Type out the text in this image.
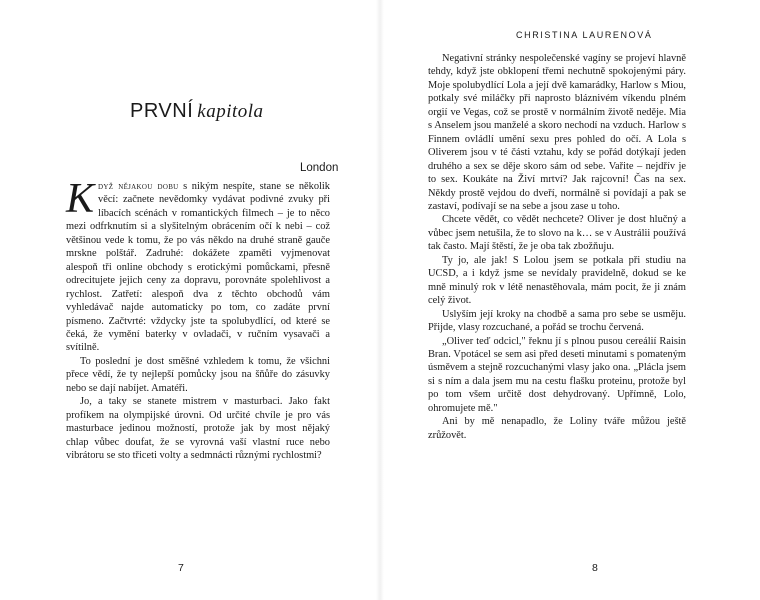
PRVNÍ kapitola
London

Když nějakou dobu s nikým nespíte, stane se několik věcí: začnete nevědomky vydávat podivné zvuky při líbacích scénách v romantických filmech – je to něco mezi odfrknutím si a slyšitelným obrácením očí k nebi – což většinou vede k tomu, že po vás někdo na druhé straně gauče mrskne polštář. Zadruhé: dokážete zpaměti vyjmenovat alespoň tři online obchody s erotickými pomůckami, přesně odrecitujete jejich ceny za dopravu, porovnáte spolehlivost a rychlost. Zatřetí: alespoň dva z těchto obchodů vám vyhledávač najde automaticky po tom, co zadáte první písmeno. Začtvrté: vždycky jste ta spolubydlící, od které se čeká, že vymění baterky v ovladači, v ručním vysavači a svítilně.

To poslední je dost směšné vzhledem k tomu, že všichni přece vědí, že ty nejlepší pomůcky jsou na šňůře do zásuvky nebo se dají nabíjet. Amatéři.

Jo, a taky se stanete mistrem v masturbaci. Jako fakt profíkem na olympijské úrovni. Od určité chvíle je pro vás masturbace jedinou možností, protože jak by most nějaký chlap vůbec doufat, že se vyrovná vaší vlastní ruce nebo vibrátoru se sto třiceti volty a sedmnácti různými rychlostmi?

7
CHRISTINA LAURENOVÁ

Negativní stránky nespolečenské vagíny se projeví hlavně tehdy, když jste obklopení třemi nechutně spokojenými páry. Moje spolubydlící Lola a její dvě kamarádky, Harlow s Miou, potkaly své miláčky při naprosto bláznivém víkendu plném orgií ve Vegas, což se prostě v normálním životě neděje. Mia s Anselem jsou manželé a skoro nechodí na vzduch. Harlow s Finnem ovládlí umění sexu pres pohled do očí. A Lola s Oliverem jsou v té části vztahu, kdy se pořád dotýkají jeden druhého a sex se děje skoro sám od sebe. Vařite – nejdřív je to sex. Koukáte na Živí mrtví? Jak rajcovní! Čas na sex. Někdy prostě vejdou do dveří, normálně si povídají a pak se zastaví, podívají se na sebe a jsou zase u toho.

Chcete vědět, co vědět nechcete? Oliver je dost hlučný a vůbec jsem netušila, že to slovo na k… se v Austrálii používá tak často. Mají štěstí, že je oba tak zbožňuju.

Ty jo, ale jak! S Lolou jsem se potkala při studiu na UCSD, a i když jsme se nevídaly pravidelně, dokud se ke mně minulý rok v létě nenastěhovala, mám pocit, že ji znám celý život.

Uslyším její kroky na chodbě a sama pro sebe se usměju. Přijde, vlasy rozcuchané, a pořád se trochu červená.

„Oliver teď odcicl," řeknu jí s plnou pusou cereálií Raisin Bran. Vpotácel se sem asi před deseti minutami s pomateným úsměvem a stejně rozcuchanými vlasy jako ona. „Plácla jsem si s ním a dala jsem mu na cestu flašku proteinu, protože byl po tom všem určitě dost dehydrovaný. Upřímně, Lolo, ohromujete mě."

Ani by mě nenapadlo, že Loliny tváře můžou ještě zrůžovět.

8
